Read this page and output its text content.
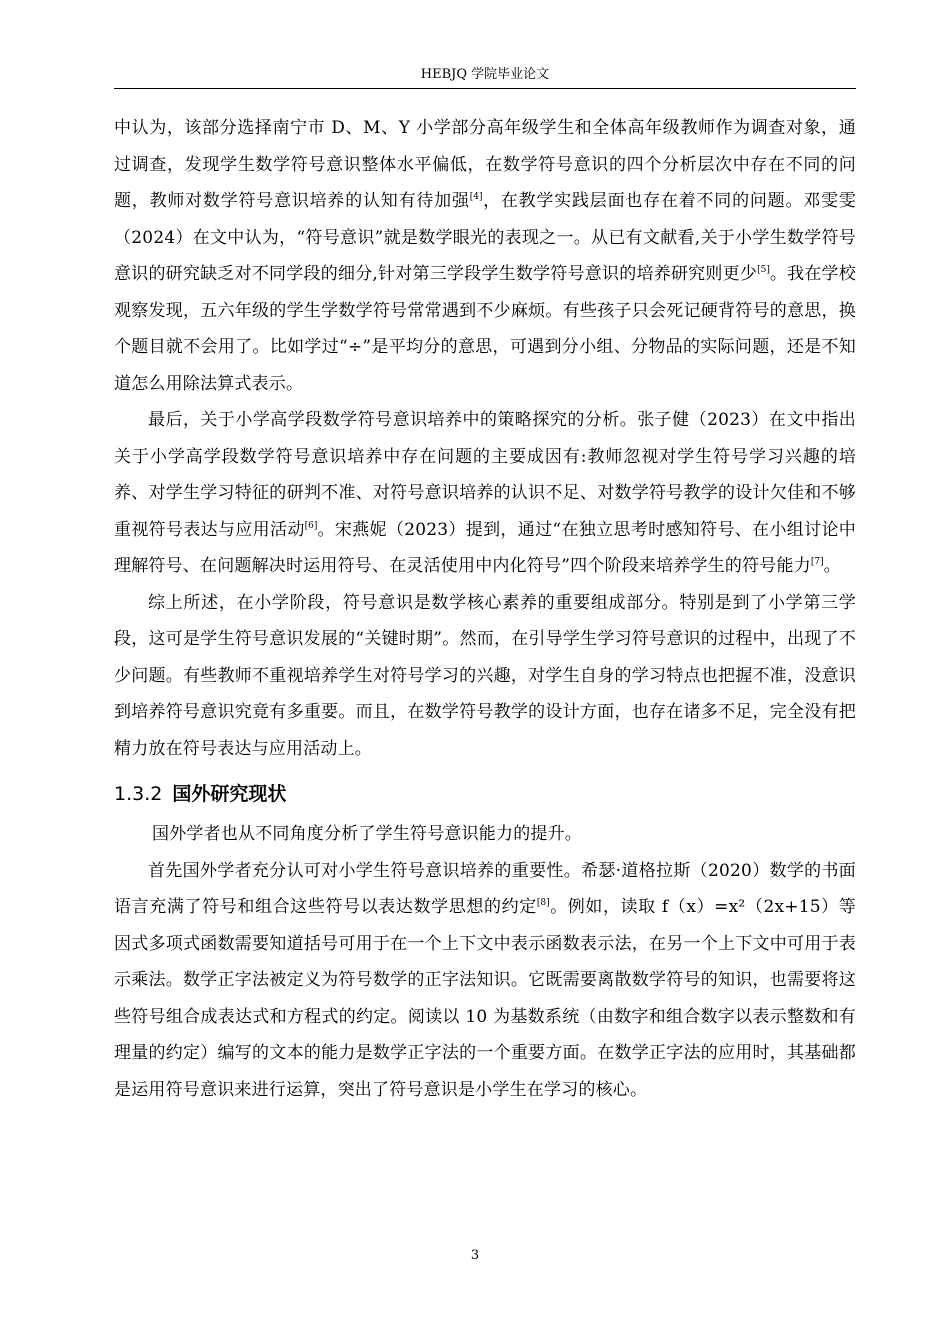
HEBJQ 学院毕业论文

中认为，该部分选择南宁市 D、M、Y 小学部分高年级学生和全体高年级教师作为调查对象，通过调查，发现学生数学符号意识整体水平偏低，在数学符号意识的四个分析层次中存在不同的问题，教师对数学符号意识培养的认知有待加强[4]，在教学实践层面也存在着不同的问题。邓雯雯（2024）在文中认为，“符号意识”就是数学眼光的表现之一。从已有文献看,关于小学生数学符号意识的研究缺乏对不同学段的细分,针对第三学段学生数学符号意识的培养研究则更少[5]。我在学校观察发现，五六年级的学生学数学符号常常遇到不少麻烦。有些孩子只会死记硬背符号的意思，换个题目就不会用了。比如学过“÷”是平均分的意思，可遇到分小组、分物品的实际问题，还是不知道怎么用除法算式表示。

最后，关于小学高学段数学符号意识培养中的策略探究的分析。张子健（2023）在文中指出关于小学高学段数学符号意识培养中存在问题的主要成因有:教师忽视对学生符号学习兴趣的培养、对学生学习特征的研判不准、对符号意识培养的认识不足、对数学符号教学的设计欠佳和不够重视符号表达与应用活动[6]。宋燕妮（2023）提到，通过“在独立思考时感知符号、在小组讨论中理解符号、在问题解决时运用符号、在灵活使用中内化符号”四个阶段来培养学生的符号能力[7]。

综上所述，在小学阶段，符号意识是数学核心素养的重要组成部分。特别是到了小学第三学段，这可是学生符号意识发展的“关键时期”。然而，在引导学生学习符号意识的过程中，出现了不少问题。有些教师不重视培养学生对符号学习的兴趣，对学生自身的学习特点也把握不准，没意识到培养符号意识究竟有多重要。而且，在数学符号教学的设计方面，也存在诸多不足，完全没有把精力放在符号表达与应用活动上。

1.3.2 国外研究现状

国外学者也从不同角度分析了学生符号意识能力的提升。

首先国外学者充分认可对小学生符号意识培养的重要性。希瑟·道格拉斯（2020）数学的书面语言充满了符号和组合这些符号以表达数学思想的约定[8]。例如，读取 f（x）=x²（2x+15）等因式多项式函数需要知道括号可用于在一个上下文中表示函数表示法，在另一个上下文中可用于表示乘法。数学正字法被定义为符号数学的正字法知识。它既需要离散数学符号的知识，也需要将这些符号组合成表达式和方程式的约定。阅读以 10 为基数系统（由数字和组合数字以表示整数和有理量的约定）编写的文本的能力是数学正字法的一个重要方面。在数学正字法的应用时，其基础都是运用符号意识来进行运算，突出了符号意识是小学生在学习的核心。

3
